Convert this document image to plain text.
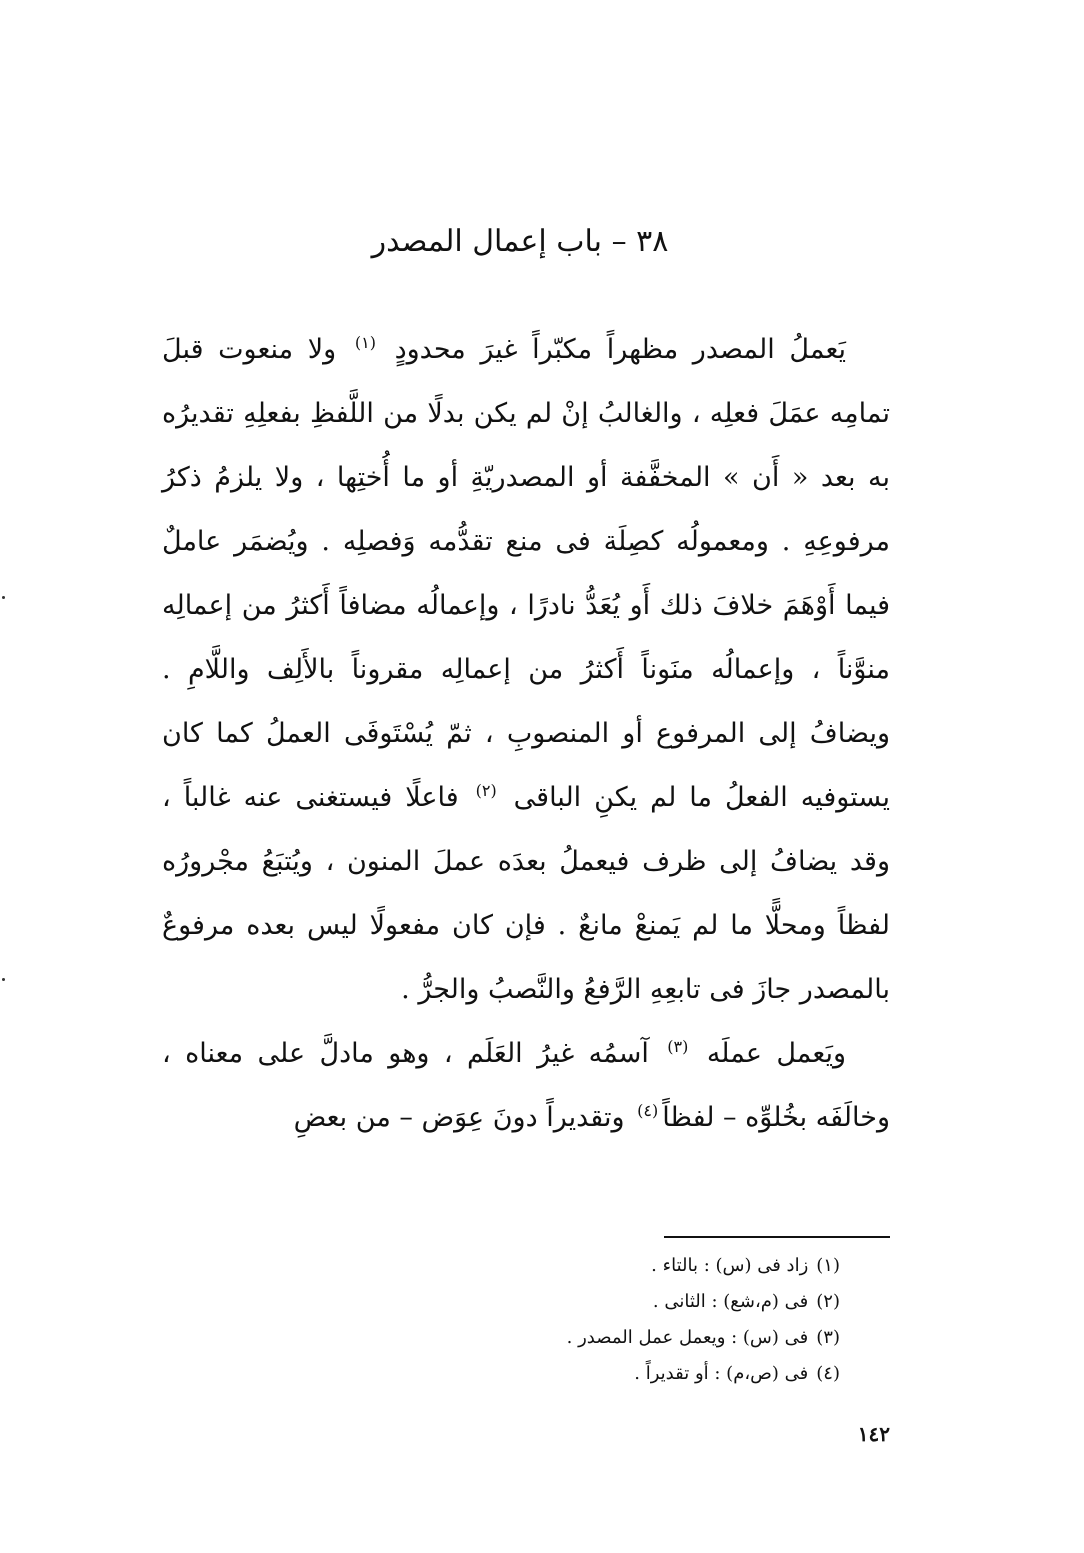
٣٨ – باب إعمال المصدر

يَعملُ المصدر مظهراً مكبّراً غيرَ محدودٍ $^{(١)}$ ولا منعوت قبلَ تمامِه عمَلَ فعلِه ، والغالبُ إنْ لم يكن بدلًا من اللَّفظِ بفعلِهِ تقديرُه به بعد « أَن » المخفَّفة أو المصدريّةِ أو ما أُختِها ، ولا يلزمُ ذكرُ مرفوعِهِ . ومعمولُه كصِلَة فى منع تقدُّمه وَفصلِه . ويُضمَر عاملٌ فيما أَوْهَمَ خلافَ ذلك أَو يُعَدُّ نادرًا ، وإعمالُه مضافاً أَكثرُ من إعمالِه منوَّناً ، وإعمالُه منَوناً أَكثرُ من إعمالِه مقروناً بالأَلِف واللَّامِ . ويضافُ إلى المرفوع أو المنصوبِ ، ثمّ يُسْتَوفَى العملُ كما كان يستوفيه الفعلُ ما لم يكنِ الباقى $^{(٢)}$ فاعلًا فيستغنى عنه غالباً ، وقد يضافُ إلى ظرف فيعملُ بعدَه عملَ المنون ، ويُتبَعُ مجْرورُه لفظاً ومحلًّا ما لم يَمنعْ مانعٌ . فإن كان مفعولًا ليس بعده مرفوعٌ بالمصدر جازَ فى تابعِهِ الرَّفعُ والنَّصبُ والجرُّ .

ويَعمل عملَه $^{(٣)}$ آسمُه غيرُ العَلَم ، وهو مادلَّ على معناه ، وخالَفَه بخُلوِّه – لفظاً$^{(٤)}$ وتقديراً دونَ عِوَض – من بعضِ

(١)زاد فى (س) : بالتاء .
(٢)فى (م،شع) : الثانى .
(٣)فى (س) : ويعمل عمل المصدر .
(٤)فى (ص،م) : أو تقديراً .
١٤٢
